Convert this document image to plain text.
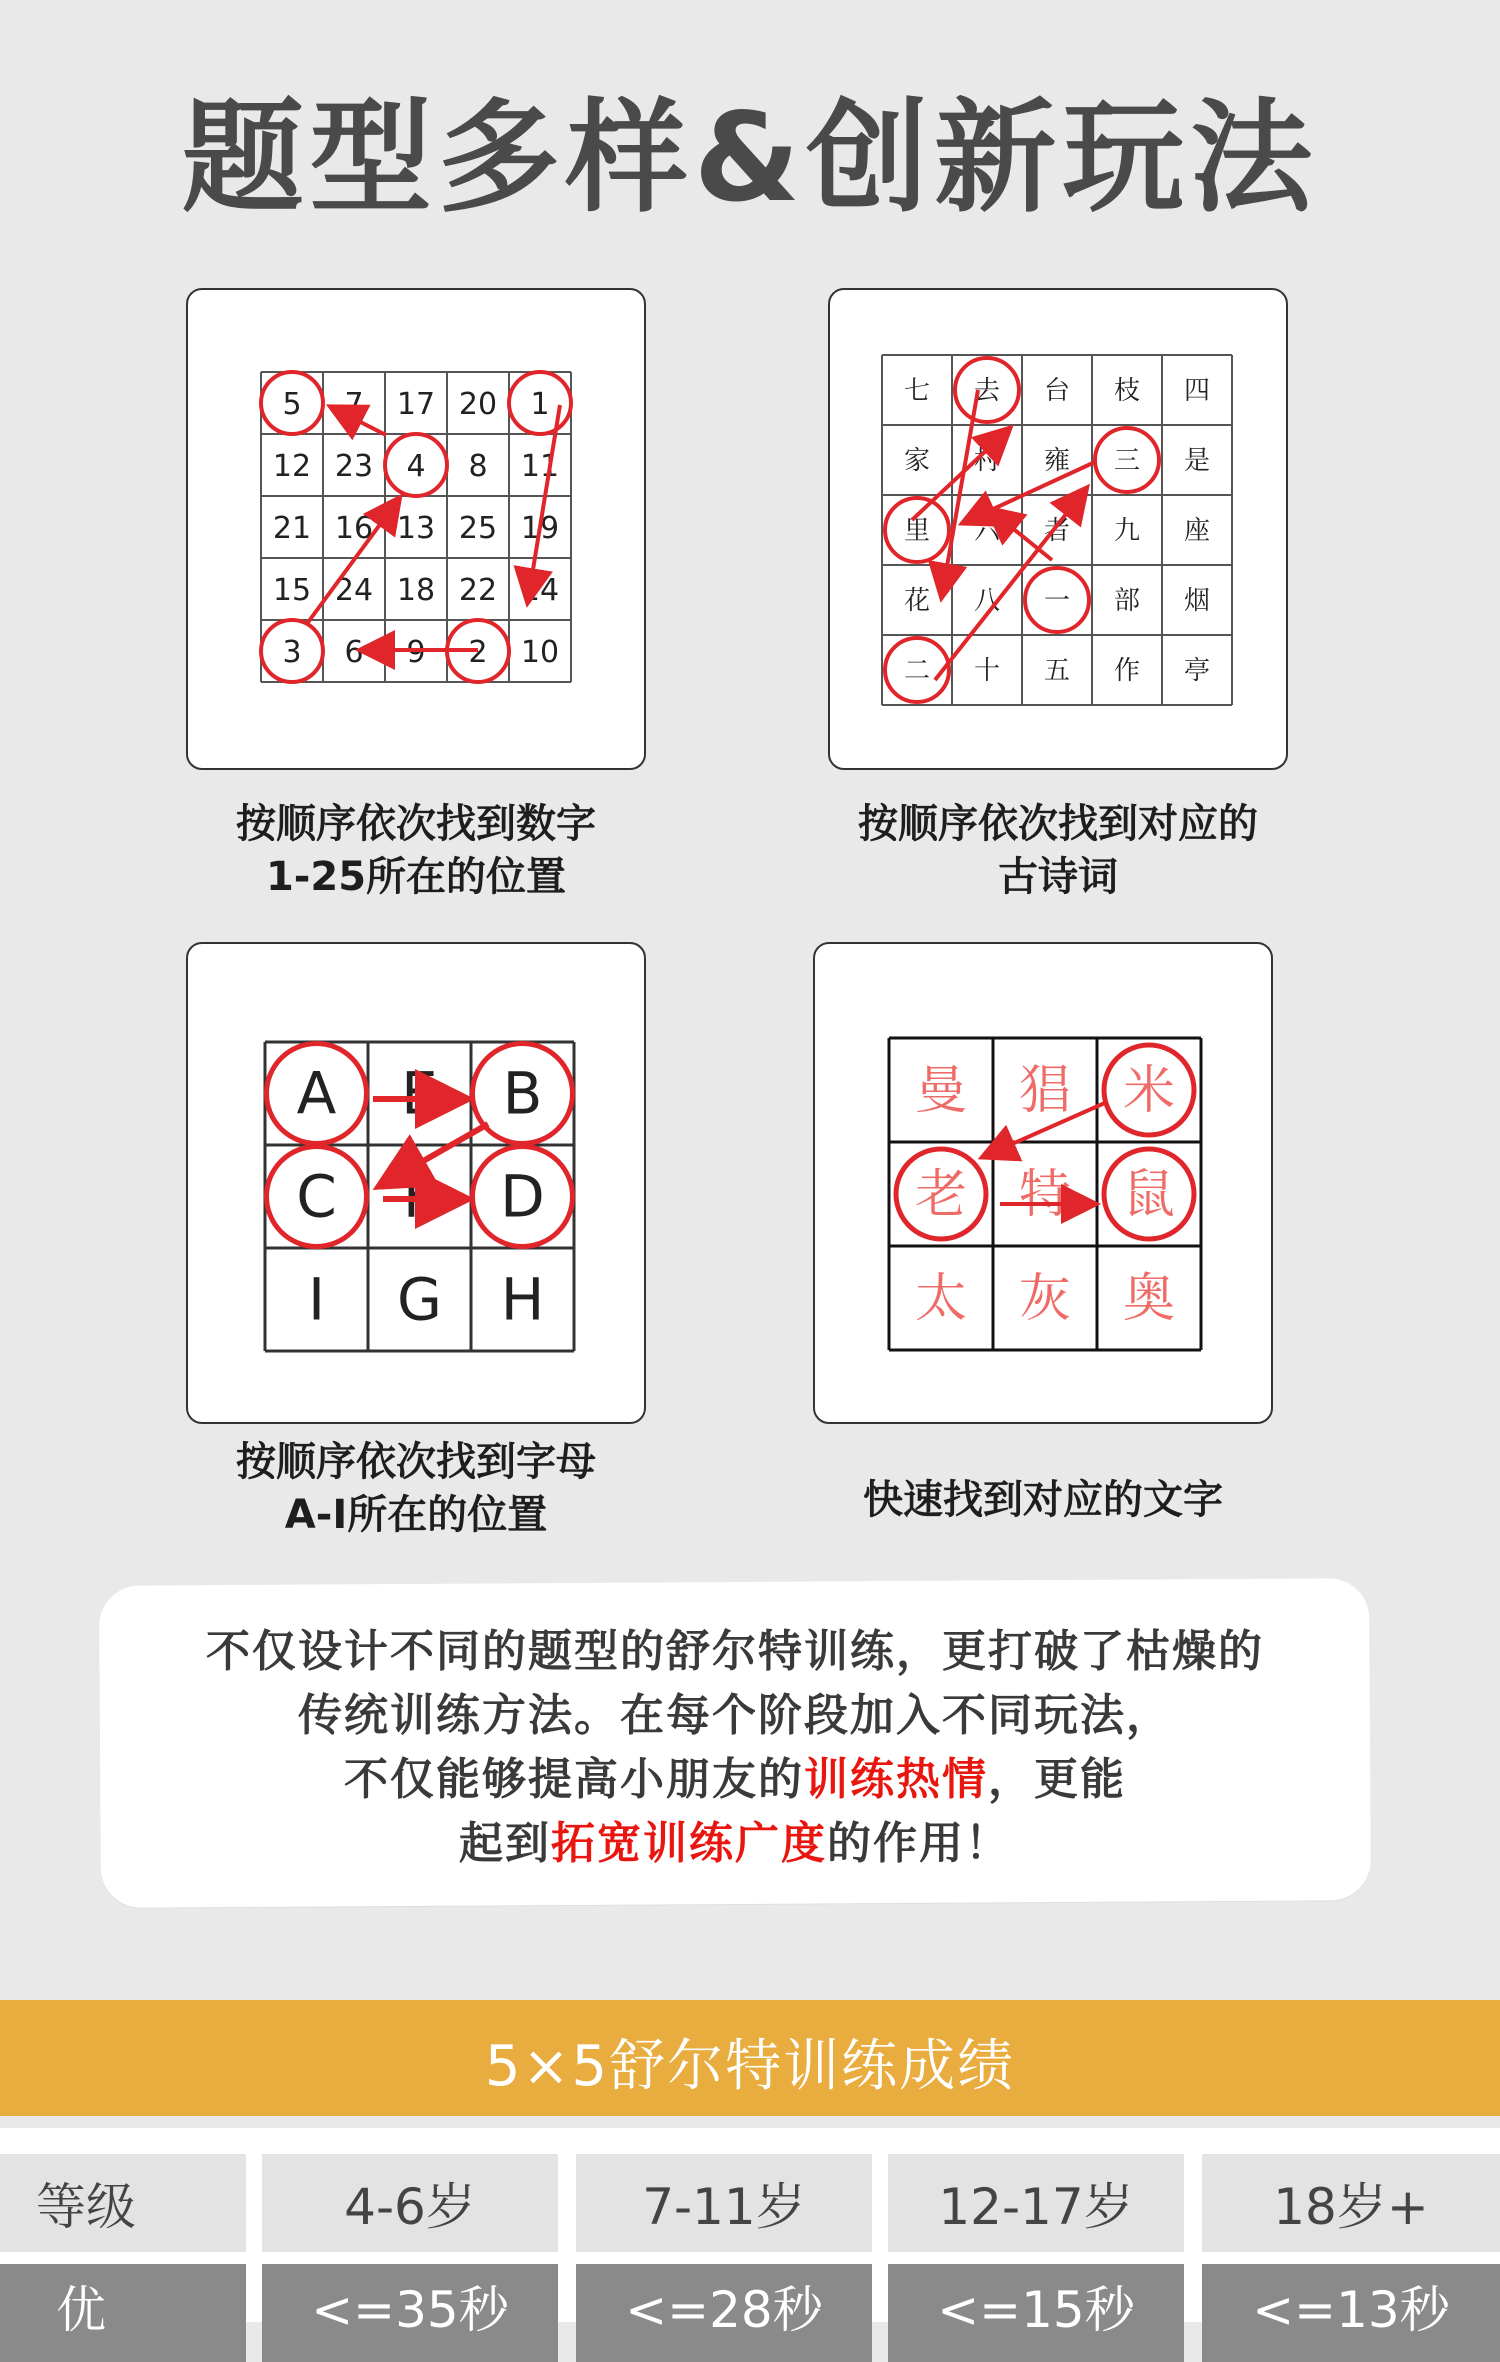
题型多样&创新玩法
5 7 17 20 1
12 23 4 8 11
21 16 13 25 19
15 24 18 22 14
3 6 9 2 10
按顺序依次找到数字
1-25所在的位置
七 去 台 枝 四
家 村 雍 三 是
里 六 者 九 座
花 八 一 部 烟
二 十 五 作 亭
按顺序依次找到对应的
古诗词
A E B
C F D
I G H
按顺序依次找到字母
A-I所在的位置
曼 猖 米
老 特 鼠
太 灰 奥
快速找到对应的文字
不仅设计不同的题型的舒尔特训练，更打破了枯燥的
传统训练方法。在每个阶段加入不同玩法，
不仅能够提高小朋友的训练热情，更能
起到拓宽训练广度的作用！
5×5舒尔特训练成绩
等级	4-6岁	7-11岁	12-17岁	18岁+
优	<=35秒	<=28秒	<=15秒	<=13秒
